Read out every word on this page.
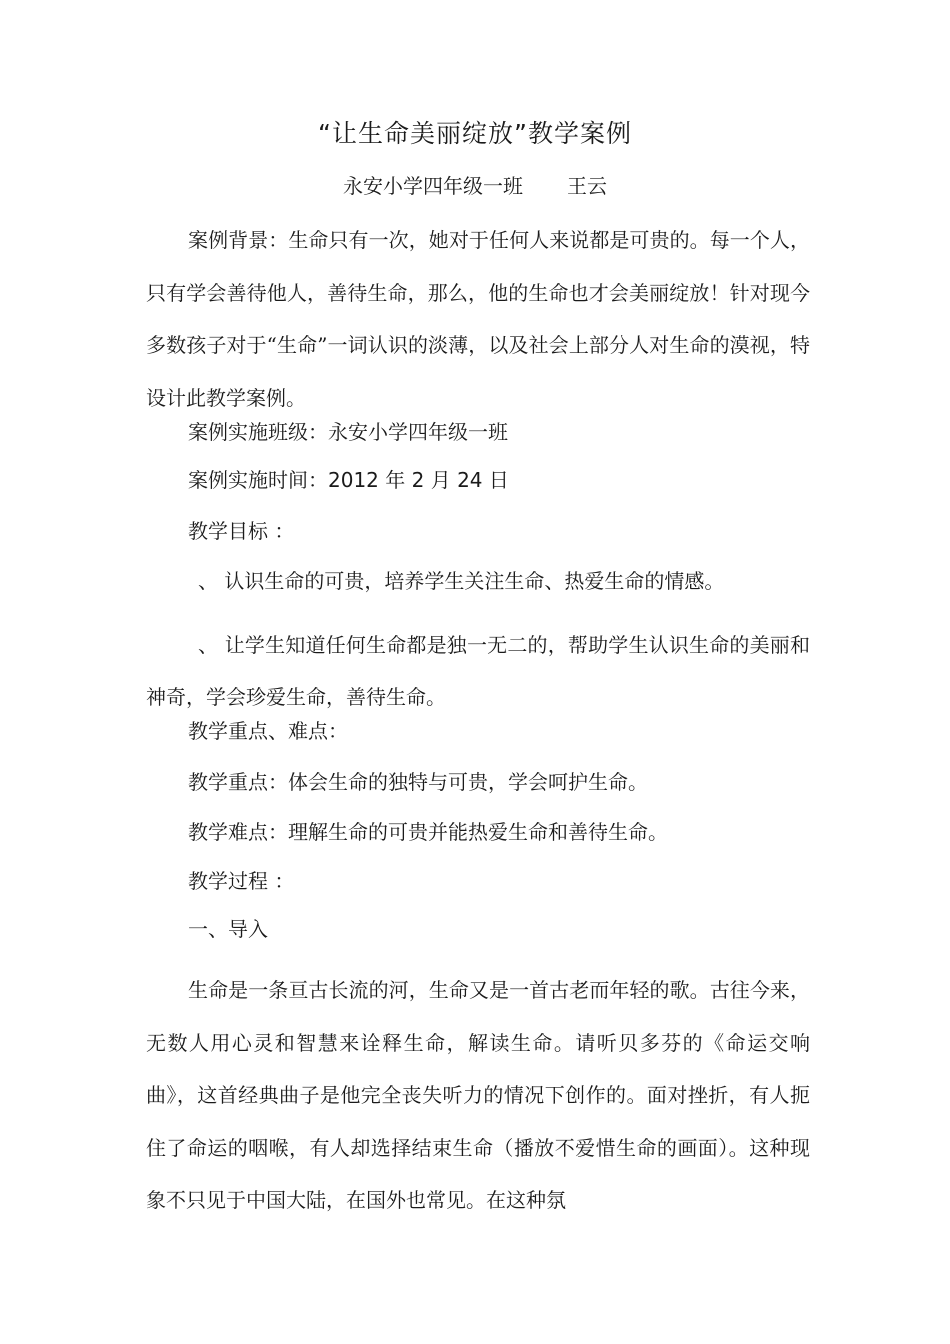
“让生命美丽绽放”教学案例
永安小学四年级一班 王云
案例背景：生命只有一次，她对于任何人来说都是可贵的。每一个人，只有学会善待他人，善待生命，那么，他的生命也才会美丽绽放！针对现今多数孩子对于“生命”一词认识的淡薄，以及社会上部分人对生命的漠视，特设计此教学案例。
案例实施班级：永安小学四年级一班
案例实施时间：2012 年 2 月 24 日
教学目标 ：
、 认识生命的可贵，培养学生关注生命、热爱生命的情感。
、 让学生知道任何生命都是独一无二的，帮助学生认识生命的美丽和神奇，学会珍爱生命，善待生命。
教学重点、难点：
教学重点：体会生命的独特与可贵，学会呵护生命。
教学难点：理解生命的可贵并能热爱生命和善待生命。
教学过程 ：
一、导入
生命是一条亘古长流的河，生命又是一首古老而年轻的歌。古往今来，无数人用心灵和智慧来诠释生命，解读生命。请听贝多芬的《命运交响曲》，这首经典曲子是他完全丧失听力的情况下创作的。面对挫折，有人扼住了命运的咽喉，有人却选择结束生命（播放不爱惜生命的画面）。这种现象不只见于中国大陆，在国外也常见。在这种氛
